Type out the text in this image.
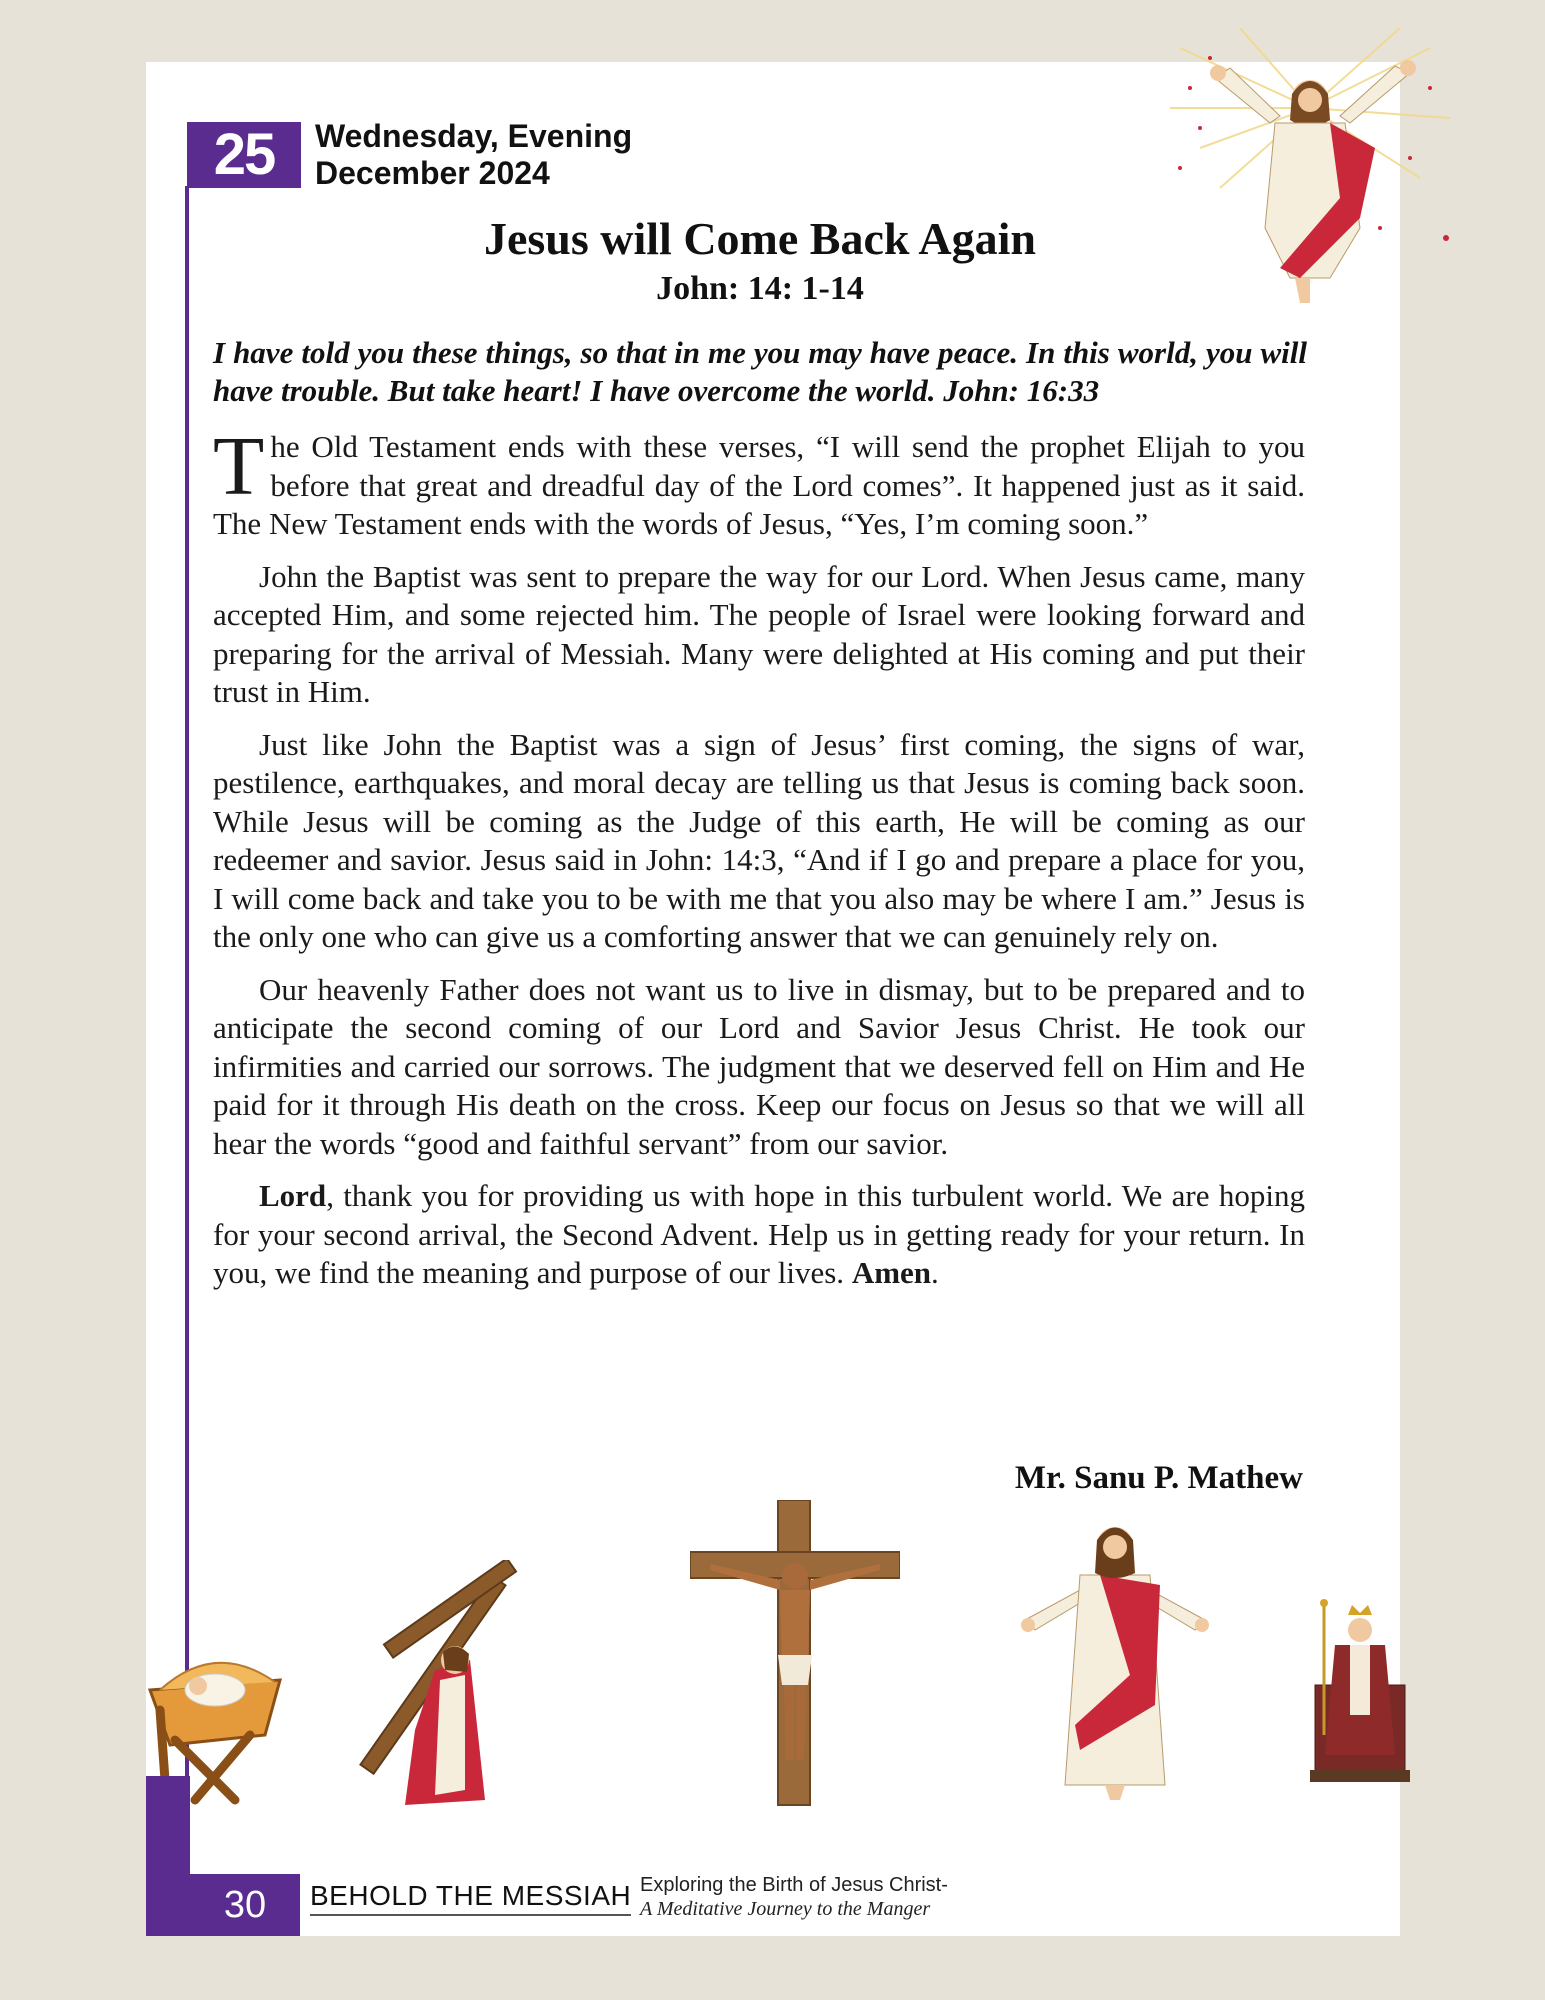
25	Wednesday, Evening
December 2024
Jesus will Come Back Again
John: 14: 1-14
I have told you these things, so that in me you may have peace. In this world, you will have trouble. But take heart! I have overcome the world. John: 16:33

The Old Testament ends with these verses, “I will send the prophet Elijah to you before that great and dreadful day of the Lord comes”. It happened just as it said. The New Testament ends with the words of Jesus, “Yes, I’m coming soon.”

John the Baptist was sent to prepare the way for our Lord. When Jesus came, many accepted Him, and some rejected him. The people of Israel were looking forward and preparing for the arrival of Messiah. Many were delighted at His coming and put their trust in Him.

Just like John the Baptist was a sign of Jesus’ first coming, the signs of war, pestilence, earthquakes, and moral decay are telling us that Jesus is coming back soon. While Jesus will be coming as the Judge of this earth, He will be coming as our redeemer and savior. Jesus said in John: 14:3, “And if I go and prepare a place for you, I will come back and take you to be with me that you also may be where I am.” Jesus is the only one who can give us a comforting answer that we can genuinely rely on.

Our heavenly Father does not want us to live in dismay, but to be prepared and to anticipate the second coming of our Lord and Savior Jesus Christ. He took our infirmities and carried our sorrows. The judgment that we deserved fell on Him and He paid for it through His death on the cross. Keep our focus on Jesus so that we will all hear the words “good and faithful servant” from our savior.

Lord, thank you for providing us with hope in this turbulent world. We are hoping for your second arrival, the Second Advent. Help us in getting ready for your return. In you, we find the meaning and purpose of our lives. Amen.

Mr. Sanu P. Mathew
30	BEHOLD THE MESSIAH Exploring the Birth of Jesus Christ-
A Meditative Journey to the Manger
